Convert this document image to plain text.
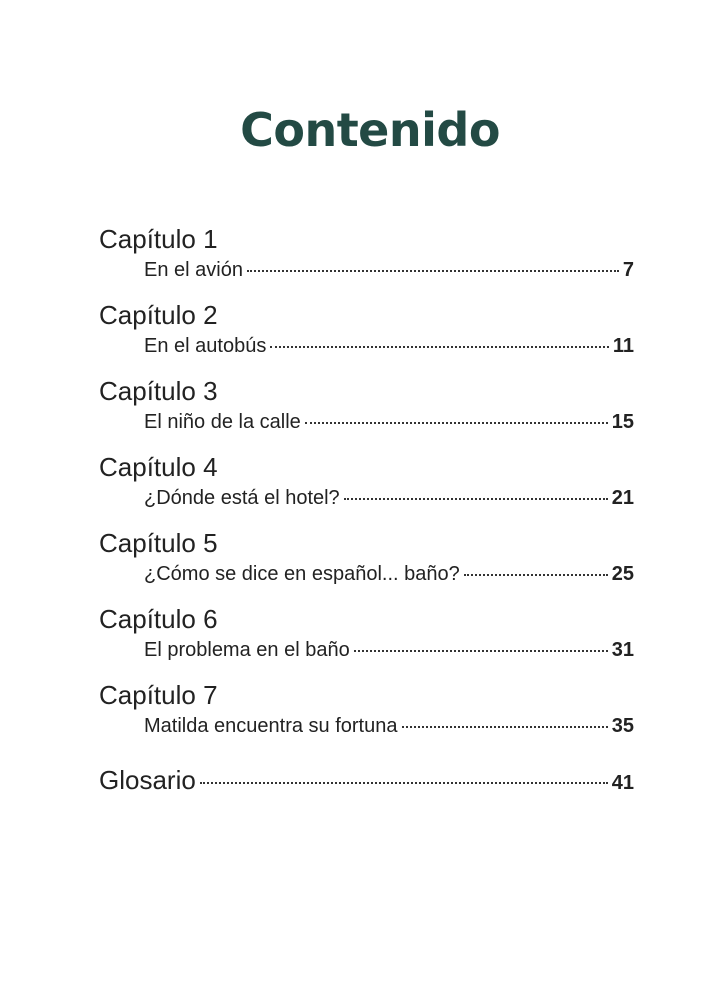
Contenido
Capítulo 1
En el avión	7
Capítulo 2
En el autobús	11
Capítulo 3
El niño de la calle	15
Capítulo 4
¿Dónde está el hotel?	21
Capítulo 5
¿Cómo se dice en español... baño?	25
Capítulo 6
El problema en el baño	31
Capítulo 7
Matilda encuentra su fortuna	35
Glosario	41
